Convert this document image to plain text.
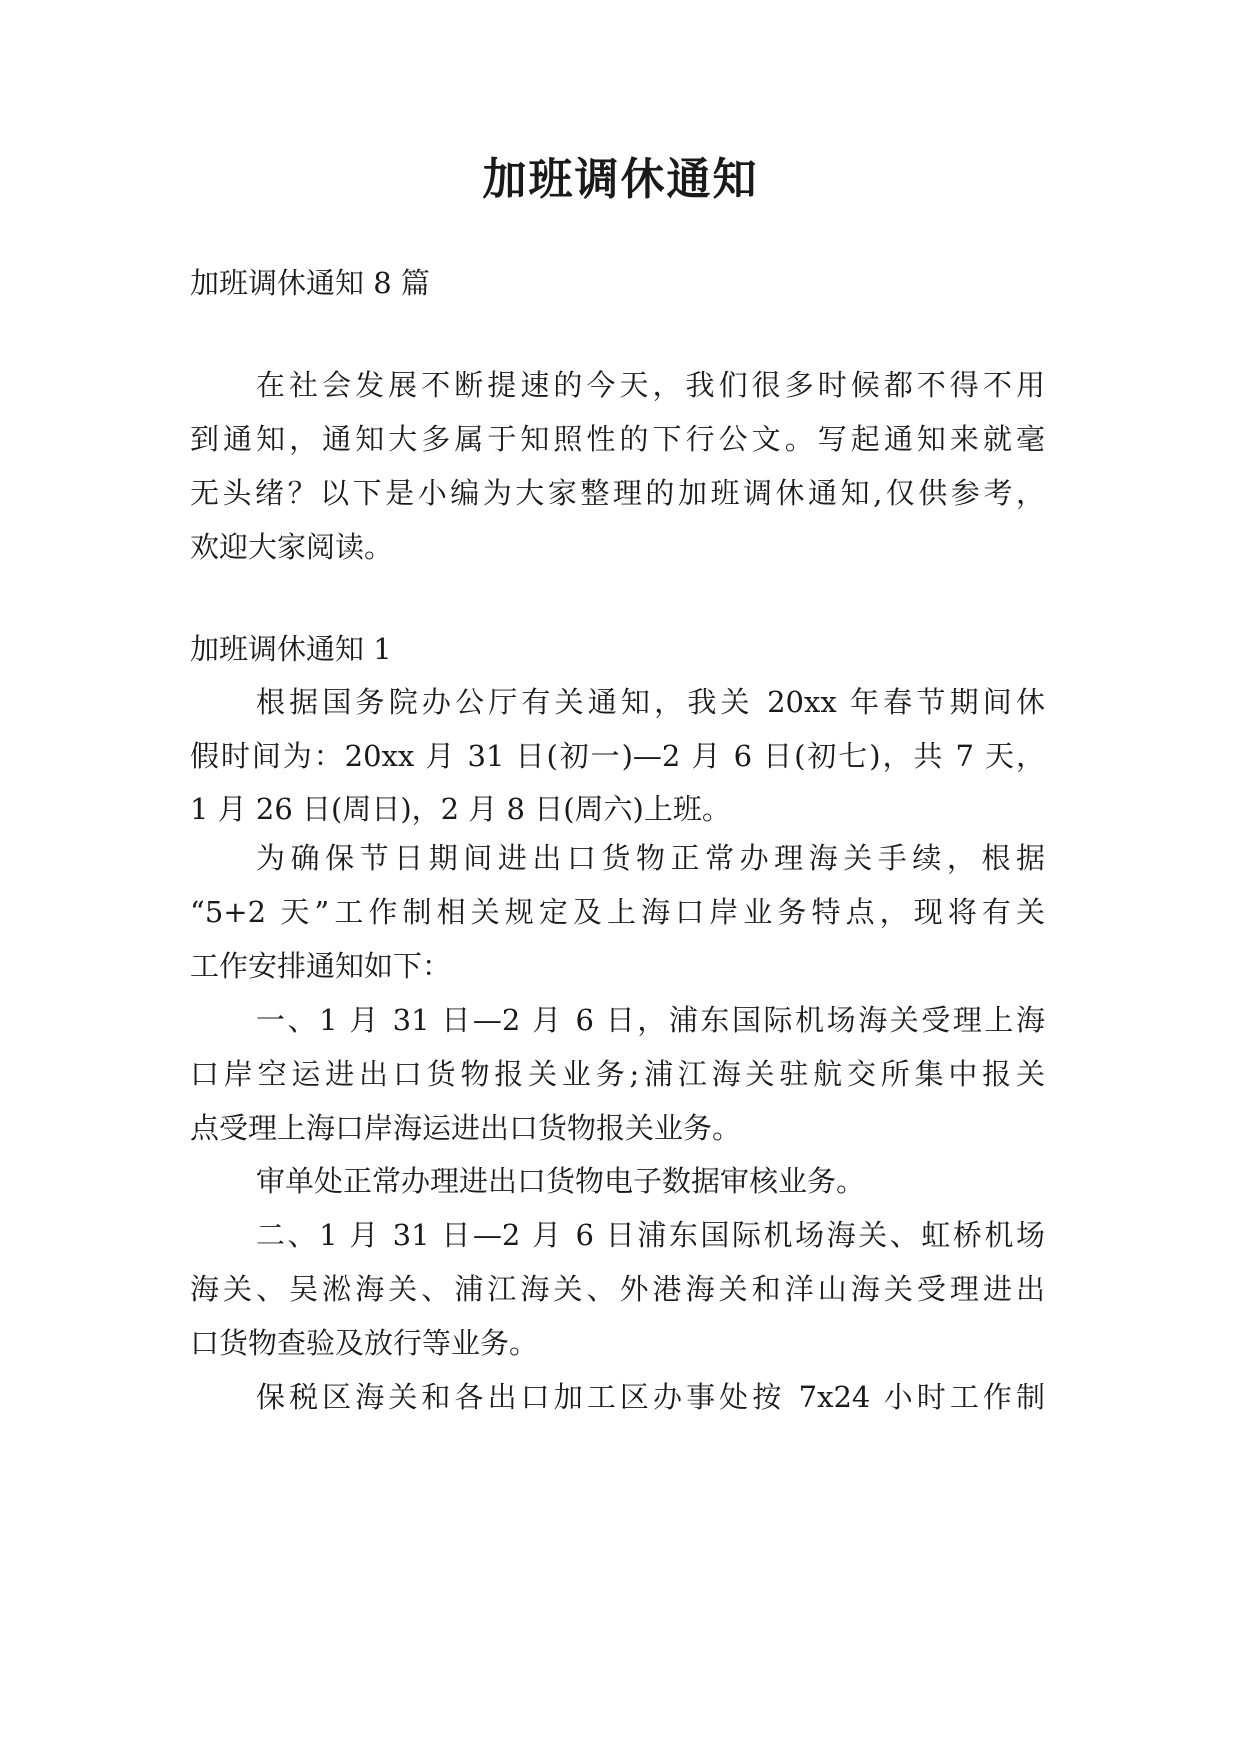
加班调休通知
加班调休通知 8 篇
在社会发展不断提速的今天，我们很多时候都不得不用
到通知，通知大多属于知照性的下行公文。写起通知来就毫
无头绪？以下是小编为大家整理的加班调休通知,仅供参考，
欢迎大家阅读。
加班调休通知 1
根据国务院办公厅有关通知，我关 20xx 年春节期间休
假时间为：20xx 月 31 日(初一)—2 月 6 日(初七)，共 7 天，
1 月 26 日(周日)，2 月 8 日(周六)上班。
为确保节日期间进出口货物正常办理海关手续，根据
“5+2 天”工作制相关规定及上海口岸业务特点，现将有关
工作安排通知如下：
一、1 月 31 日—2 月 6 日，浦东国际机场海关受理上海
口岸空运进出口货物报关业务;浦江海关驻航交所集中报关
点受理上海口岸海运进出口货物报关业务。
审单处正常办理进出口货物电子数据审核业务。
二、1 月 31 日—2 月 6 日浦东国际机场海关、虹桥机场
海关、吴淞海关、浦江海关、外港海关和洋山海关受理进出
口货物查验及放行等业务。
保税区海关和各出口加工区办事处按 7x24 小时工作制
